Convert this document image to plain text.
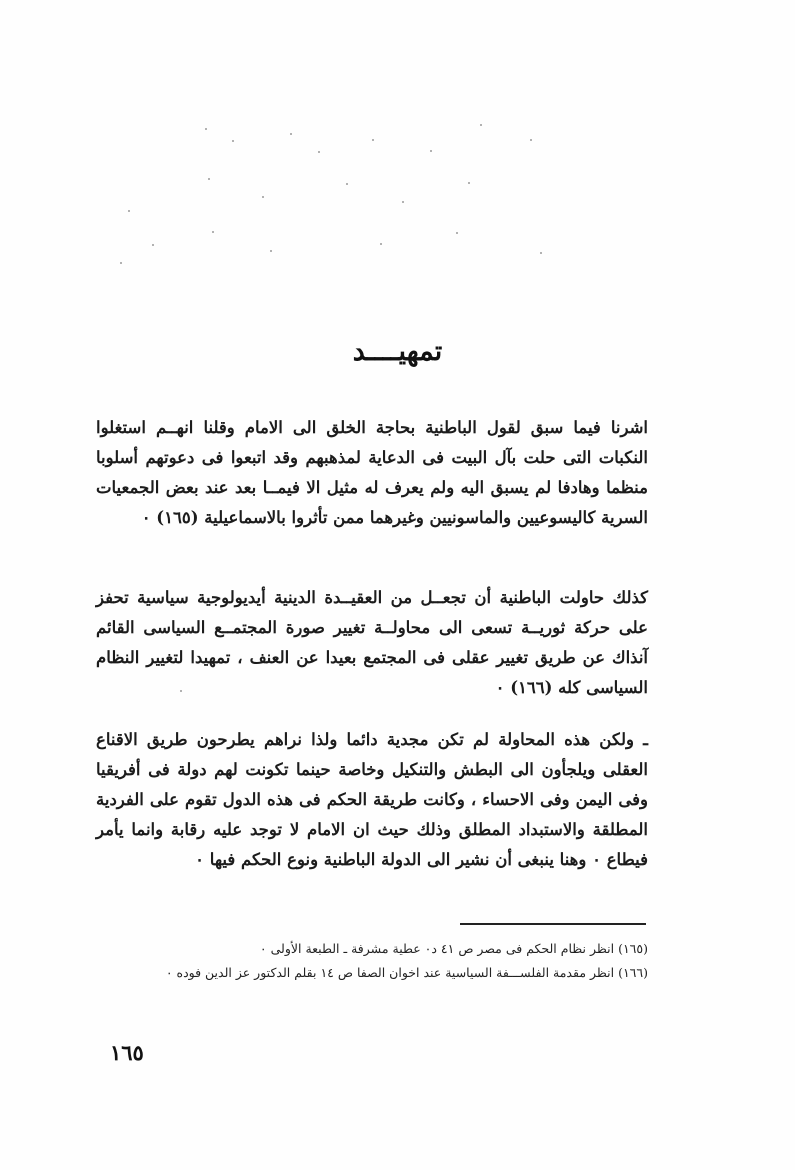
تمهيــــد
اشرنا فيما سبق لقول الباطنية بحاجة الخلق الى الامام وقلنا انهــم استغلوا النكبات التى حلت بآل البيت فى الدعاية لمذهبهم وقد اتبعوا فى دعوتهم أسلوبا منظما وهادفا لم يسبق اليه ولم يعرف له مثيل الا فيمــا بعد عند بعض الجمعيات السرية كاليسوعيين والماسونيين وغيرهما ممن تأثروا بالاسماعيلية (١٦٥) ٠
كذلك حاولت الباطنية أن تجعــل من العقيــدة الدينية أيديولوجية سياسية تحفز على حركة ثوريــة تسعى الى محاولــة تغيير صورة المجتمــع السياسى القائم آنذاك عن طريق تغيير عقلى فى المجتمع بعيدا عن العنف ، تمهيدا لتغيير النظام السياسى كله (١٦٦) ٠
ـ ولكن هذه المحاولة لم تكن مجدية دائما ولذا نراهم يطرحون طريق الاقناع العقلى ويلجأون الى البطش والتنكيل وخاصة حينما تكونت لهم دولة فى أفريقيا وفى اليمن وفى الاحساء ، وكانت طريقة الحكم فى هذه الدول تقوم على الفردية المطلقة والاستبداد المطلق وذلك حيث ان الامام لا توجد عليه رقابة وانما يأمر فيطاع ٠ وهنا ينبغى أن نشير الى الدولة الباطنية ونوع الحكم فيها ٠

(١٦٥) انظر نظام الحكم فى مصر ص ٤١ د٠ عطية مشرفة ـ الطبعة الأولى ٠

(١٦٦) انظر مقدمة الفلســـفة السياسية عند اخوان الصفا ص ١٤ بقلم الدكتور عز الدين فوده ٠

١٦٥
